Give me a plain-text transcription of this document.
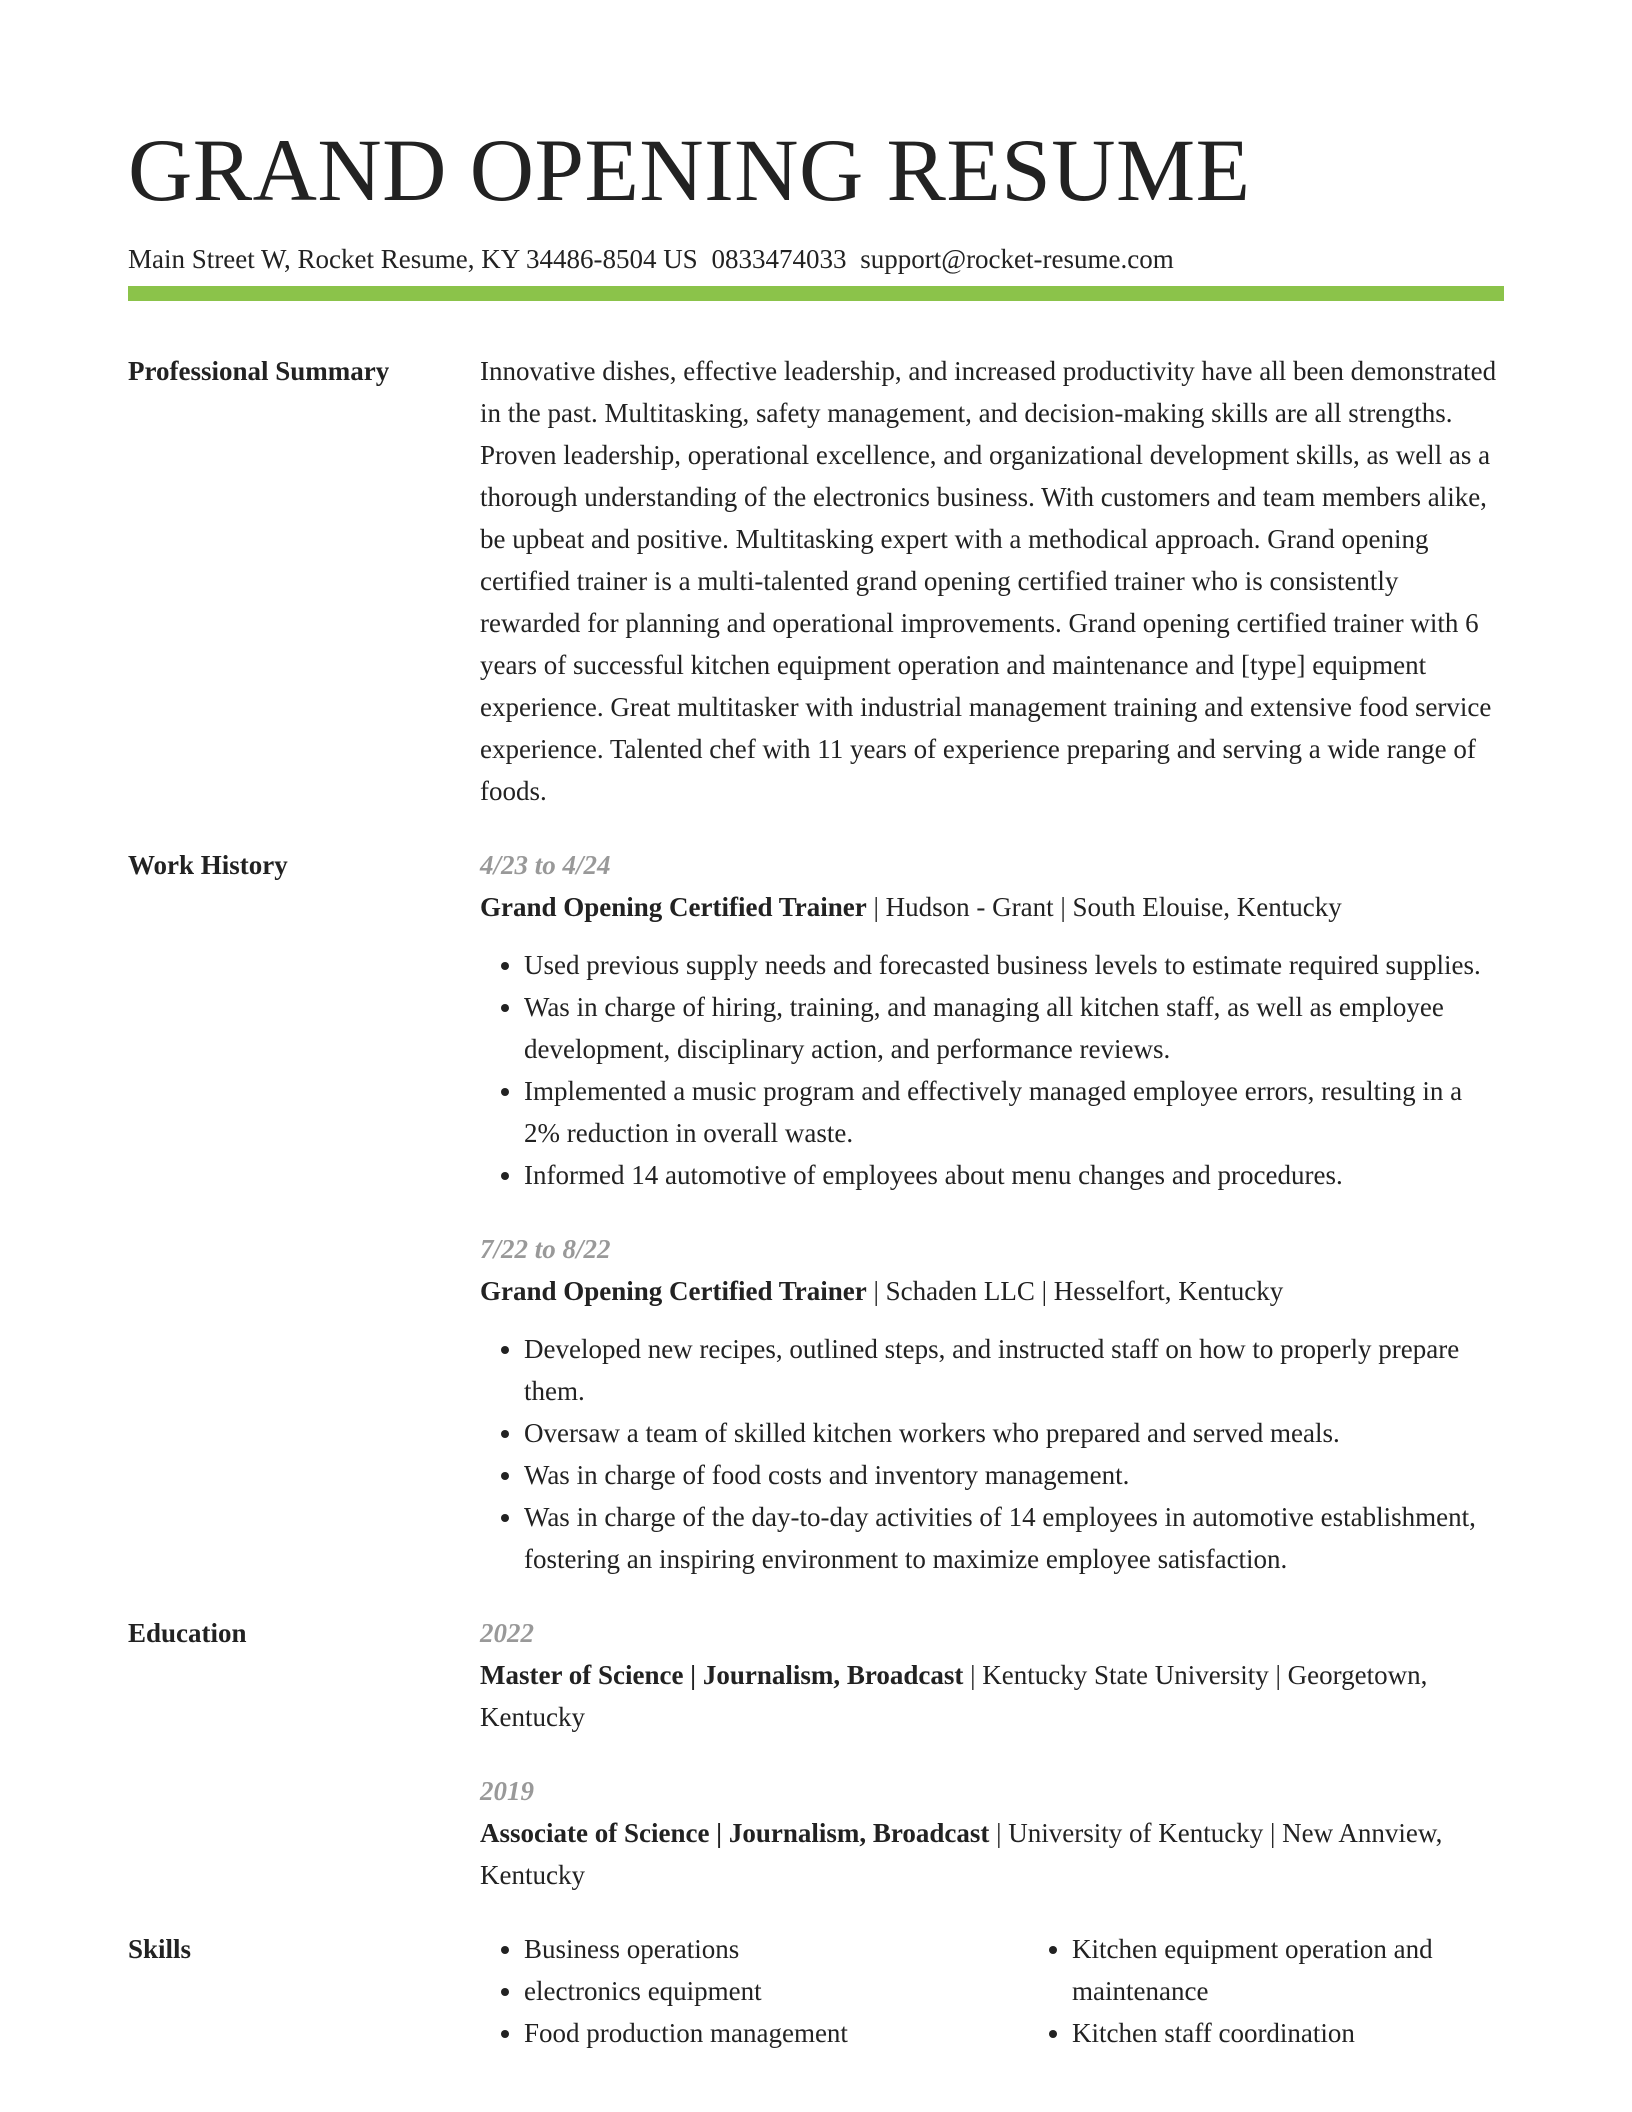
GRAND OPENING RESUME
Main Street W, Rocket Resume, KY 34486-8504 US 0833474033 support@rocket-resume.com
Professional Summary	Innovative dishes, effective leadership, and increased productivity have all been demonstrated in the past. Multitasking, safety management, and decision-making skills are all strengths. Proven leadership, operational excellence, and organizational development skills, as well as a thorough understanding of the electronics business. With customers and team members alike, be upbeat and positive. Multitasking expert with a methodical approach. Grand opening certified trainer is a multi-talented grand opening certified trainer who is consistently rewarded for planning and operational improvements. Grand opening certified trainer with 6 years of successful kitchen equipment operation and maintenance and [type] equipment experience. Great multitasker with industrial management training and extensive food service experience. Talented chef with 11 years of experience preparing and serving a wide range of foods.

Work History	4/23 to 4/24
Grand Opening Certified Trainer | Hudson - Grant | South Elouise, Kentucky
• Used previous supply needs and forecasted business levels to estimate required supplies.
• Was in charge of hiring, training, and managing all kitchen staff, as well as employee development, disciplinary action, and performance reviews.
• Implemented a music program and effectively managed employee errors, resulting in a 2% reduction in overall waste.
• Informed 14 automotive of employees about menu changes and procedures.
7/22 to 8/22
Grand Opening Certified Trainer | Schaden LLC | Hesselfort, Kentucky
• Developed new recipes, outlined steps, and instructed staff on how to properly prepare them.
• Oversaw a team of skilled kitchen workers who prepared and served meals.
• Was in charge of food costs and inventory management.
• Was in charge of the day-to-day activities of 14 employees in automotive establishment, fostering an inspiring environment to maximize employee satisfaction.
Education	2022
Master of Science | Journalism, Broadcast | Kentucky State University | Georgetown, Kentucky
2019
Associate of Science | Journalism, Broadcast | University of Kentucky | New Annview, Kentucky
Skills
•	Business operations
• electronics equipment
• Food production management
• Kitchen equipment operation and maintenance
• Kitchen staff coordination
